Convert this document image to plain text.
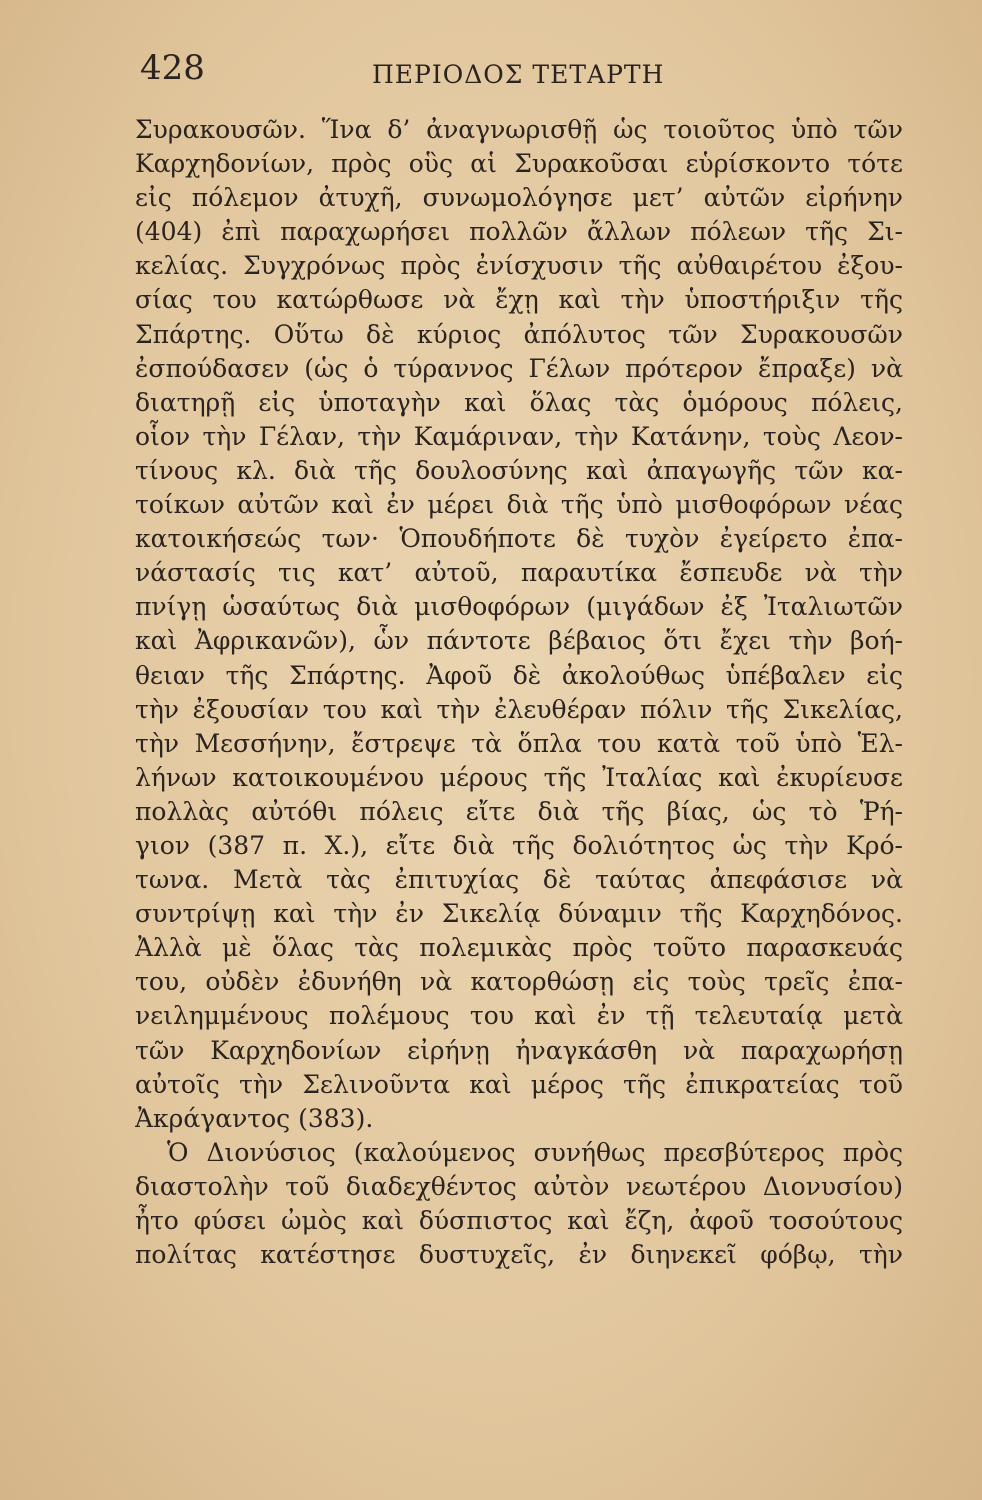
428	ΠΕΡΙΟΔΟΣ ΤΕΤΑΡΤΗ
Συρακουσῶν. Ἵνα δ’ ἀναγνωρισθῇ ὡς τοιοῦτος ὑπὸ τῶν
Καρχηδονίων, πρὸς οὓς αἱ Συρακοῦσαι εὑρίσκοντο τότε
εἰς πόλεμον ἀτυχῆ, συνωμολόγησε μετ’ αὐτῶν εἰρήνην
(404) ἐπὶ παραχωρήσει πολλῶν ἄλλων πόλεων τῆς Σι-
κελίας. Συγχρόνως πρὸς ἐνίσχυσιν τῆς αὐθαιρέτου ἐξου-
σίας του κατώρθωσε νὰ ἔχῃ καὶ τὴν ὑποστήριξιν τῆς
Σπάρτης. Οὕτω δὲ κύριος ἀπόλυτος τῶν Συρακουσῶν
ἐσπούδασεν (ὡς ὁ τύραννος Γέλων πρότερον ἔπραξε) νὰ
διατηρῇ εἰς ὑποταγὴν καὶ ὅλας τὰς ὁμόρους πόλεις,
οἷον τὴν Γέλαν, τὴν Καμάριναν, τὴν Κατάνην, τοὺς Λεον-
τίνους κλ. διὰ τῆς δουλοσύνης καὶ ἀπαγωγῆς τῶν κα-
τοίκων αὐτῶν καὶ ἐν μέρει διὰ τῆς ὑπὸ μισθοφόρων νέας
κατοικήσεώς των· Ὁπουδήποτε δὲ τυχὸν ἐγείρετο ἐπα-
νάστασίς τις κατ’ αὐτοῦ, παραυτίκα ἔσπευδε νὰ τὴν
πνίγῃ ὡσαύτως διὰ μισθοφόρων (μιγάδων ἐξ Ἰταλιωτῶν
καὶ Ἀφρικανῶν), ὧν πάντοτε βέβαιος ὅτι ἔχει τὴν βοή-
θειαν τῆς Σπάρτης. Ἀφοῦ δὲ ἀκολούθως ὑπέβαλεν εἰς
τὴν ἐξουσίαν του καὶ τὴν ἐλευθέραν πόλιν τῆς Σικελίας,
τὴν Μεσσήνην, ἔστρεψε τὰ ὅπλα του κατὰ τοῦ ὑπὸ Ἑλ-
λήνων κατοικουμένου μέρους τῆς Ἰταλίας καὶ ἐκυρίευσε
πολλὰς αὐτόθι πόλεις εἴτε διὰ τῆς βίας, ὡς τὸ Ῥή-
γιον (387 π. Χ.), εἴτε διὰ τῆς δολιότητος ὡς τὴν Κρό-
τωνα. Μετὰ τὰς ἐπιτυχίας δὲ ταύτας ἀπεφάσισε νὰ
συντρίψῃ καὶ τὴν ἐν Σικελίᾳ δύναμιν τῆς Καρχηδόνος.
Ἀλλὰ μὲ ὅλας τὰς πολεμικὰς πρὸς τοῦτο παρασκευάς
του, οὐδὲν ἐδυνήθη νὰ κατορθώσῃ εἰς τοὺς τρεῖς ἐπα-
νειλημμένους πολέμους του καὶ ἐν τῇ τελευταίᾳ μετὰ
τῶν Καρχηδονίων εἰρήνῃ ἠναγκάσθη νὰ παραχωρήσῃ
αὐτοῖς τὴν Σελινοῦντα καὶ μέρος τῆς ἐπικρατείας τοῦ
Ἀκράγαντος (383).
Ὁ Διονύσιος (καλούμενος συνήθως πρεσβύτερος πρὸς
διαστολὴν τοῦ διαδεχθέντος αὐτὸν νεωτέρου Διονυσίου)
ἦτο φύσει ὠμὸς καὶ δύσπιστος καὶ ἔζη, ἀφοῦ τοσούτους
πολίτας κατέστησε δυστυχεῖς, ἐν διηνεκεῖ φόβῳ, τὴν
